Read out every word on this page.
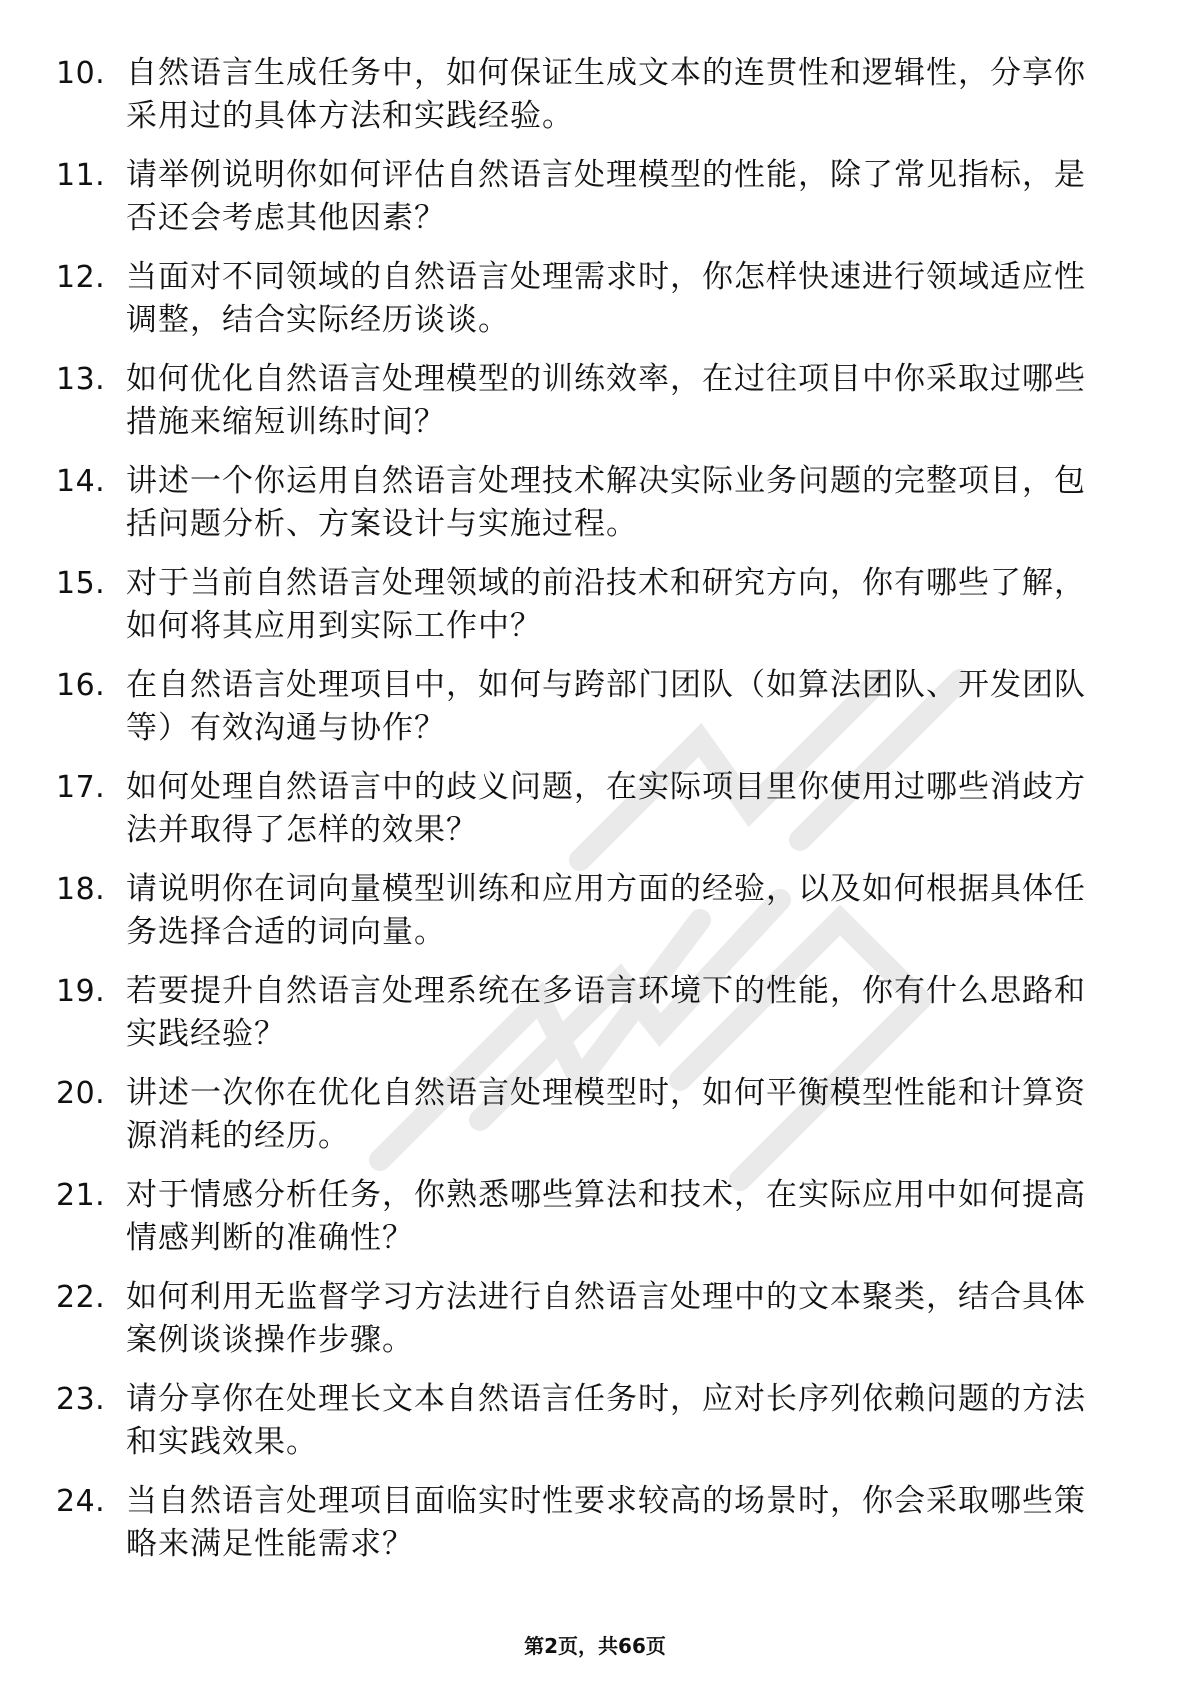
10. 自然语言生成任务中，如何保证生成文本的连贯性和逻辑性，分享你采用过的具体方法和实践经验。
11. 请举例说明你如何评估自然语言处理模型的性能，除了常见指标，是否还会考虑其他因素？
12. 当面对不同领域的自然语言处理需求时，你怎样快速进行领域适应性调整，结合实际经历谈谈。
13. 如何优化自然语言处理模型的训练效率，在过往项目中你采取过哪些措施来缩短训练时间？
14. 讲述一个你运用自然语言处理技术解决实际业务问题的完整项目，包括问题分析、方案设计与实施过程。
15. 对于当前自然语言处理领域的前沿技术和研究方向，你有哪些了解，如何将其应用到实际工作中？
16. 在自然语言处理项目中，如何与跨部门团队（如算法团队、开发团队等）有效沟通与协作？
17. 如何处理自然语言中的歧义问题，在实际项目里你使用过哪些消歧方法并取得了怎样的效果？
18. 请说明你在词向量模型训练和应用方面的经验，以及如何根据具体任务选择合适的词向量。
19. 若要提升自然语言处理系统在多语言环境下的性能，你有什么思路和实践经验？
20. 讲述一次你在优化自然语言处理模型时，如何平衡模型性能和计算资源消耗的经历。
21. 对于情感分析任务，你熟悉哪些算法和技术，在实际应用中如何提高情感判断的准确性？
22. 如何利用无监督学习方法进行自然语言处理中的文本聚类，结合具体案例谈谈操作步骤。
23. 请分享你在处理长文本自然语言任务时，应对长序列依赖问题的方法和实践效果。
24. 当自然语言处理项目面临实时性要求较高的场景时，你会采取哪些策略来满足性能需求？
第2页，共66页
